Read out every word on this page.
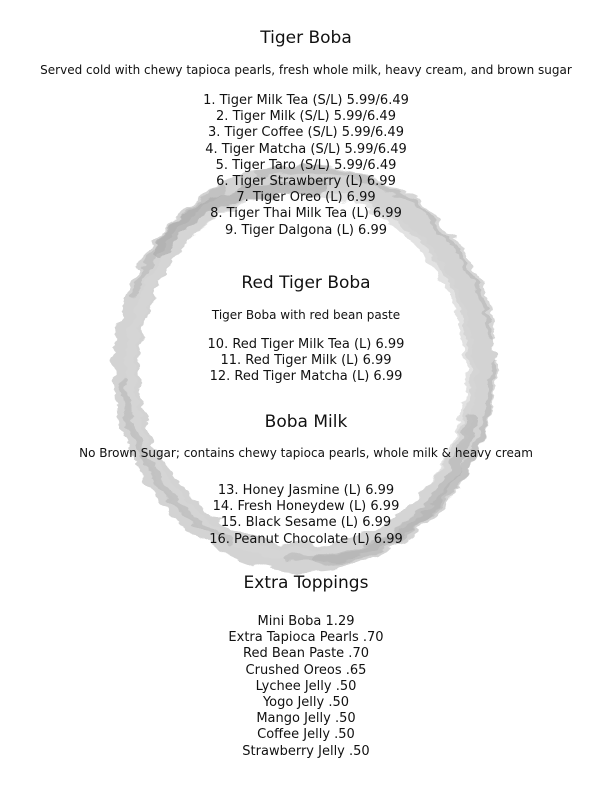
Tiger Boba

Served cold with chewy tapioca pearls, fresh whole milk, heavy cream, and brown sugar

1. Tiger Milk Tea (S/L) 5.99/6.49
2. Tiger Milk (S/L) 5.99/6.49
3. Tiger Coffee (S/L) 5.99/6.49
4. Tiger Matcha (S/L) 5.99/6.49
5. Tiger Taro (S/L) 5.99/6.49
6. Tiger Strawberry (L) 6.99
7. Tiger Oreo (L) 6.99
8. Tiger Thai Milk Tea (L) 6.99
9. Tiger Dalgona (L) 6.99
Red Tiger Boba

Tiger Boba with red bean paste

10. Red Tiger Milk Tea (L) 6.99
11. Red Tiger Milk (L) 6.99
12. Red Tiger Matcha (L) 6.99
Boba Milk

No Brown Sugar; contains chewy tapioca pearls, whole milk & heavy cream

13. Honey Jasmine (L) 6.99
14. Fresh Honeydew (L) 6.99
15. Black Sesame (L) 6.99
16. Peanut Chocolate (L) 6.99
Extra Toppings
Mini Boba 1.29
Extra Tapioca Pearls .70
Red Bean Paste .70
Crushed Oreos .65
Lychee Jelly .50
Yogo Jelly .50
Mango Jelly .50
Coffee Jelly .50
Strawberry Jelly .50
